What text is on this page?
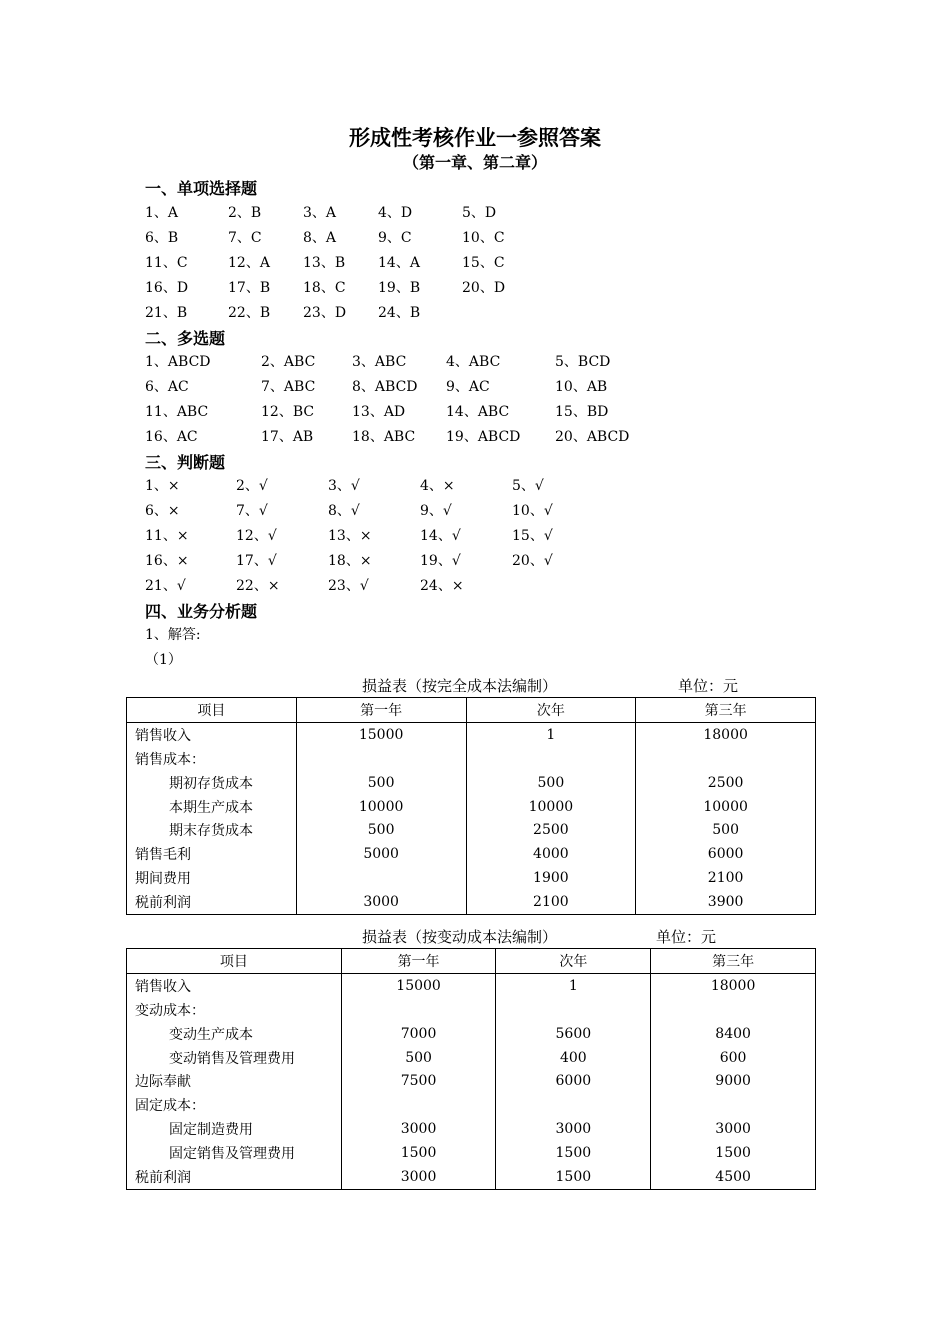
形成性考核作业一参照答案
（第一章、第二章）
一、单项选择题
1、A	2、B	3、A	4、D	5、D
6、B	7、C	8、A	9、C	10、C
11、C	12、A 13、B 14、A	15、C
16、D	17、B 18、C 19、B	20、D
21、B	22、B 23、D 24、B
二、多选题
1、ABCD	2、ABC	3、ABC	4、ABC	5、BCD
6、AC	7、ABC	8、ABCD 9、AC	10、AB
11、ABC	12、BC	13、AD	14、ABC	15、BD
16、AC	17、AB	18、ABC 19、ABCD 20、ABCD
三、判断题
1、×	2、√	3、√	4、×	5、√
6、×	7、√	8、√	9、√	10、√
11、×	12、√	13、×	14、√	15、√
16、×	17、√	18、×	19、√	20、√
21、√	22、×	23、√	24、×
四、业务分析题
1、解答:
（1）
损益表（按完全成本法编制）	单位：元
项目	第一年	次年	第三年
销售收入	15000	1	18000
销售成本：			
期初存货成本	500	500	2500
本期生产成本	10000	10000	10000
期末存货成本	500	2500	500
销售毛利	5000	4000	6000
期间费用		1900	2100
税前利润	3000	2100	3900
损益表（按变动成本法编制）	单位：元
项目	第一年	次年	第三年
销售收入	15000	1	18000
变动成本：			
变动生产成本	7000	5600	8400
变动销售及管理费用	500	400	600
边际奉献	7500	6000	9000
固定成本：			
固定制造费用	3000	3000	3000
固定销售及管理费用	1500	1500	1500
税前利润	3000	1500	4500
